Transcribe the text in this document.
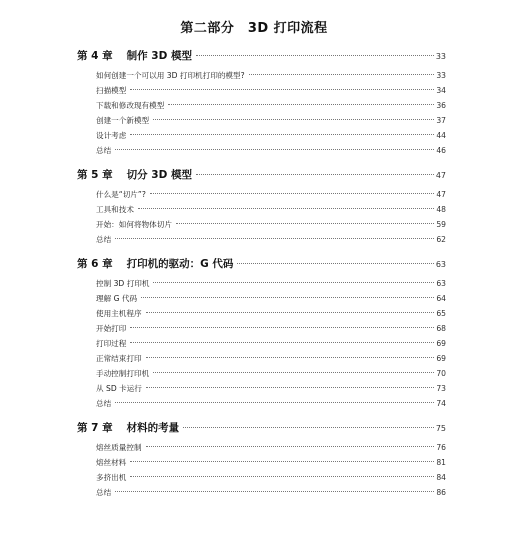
第二部分　3D 打印流程
第 4 章 制作 3D 模型	33
如何创建一个可以用 3D 打印机打印的模型?	33
扫描模型	34
下载和修改现有模型	36
创建一个新模型	37
设计考虑	44
总结	46
第 5 章 切分 3D 模型	47
什么是“切片”?	47
工具和技术	48
开始：如何将物体切片	59
总结	62
第 6 章 打印机的驱动：G 代码	63
控制 3D 打印机	63
理解 G 代码	64
使用主机程序	65
开始打印	68
打印过程	69
正常结束打印	69
手动控制打印机	70
从 SD 卡运行	73
总结	74
第 7 章 材料的考量	75
熔丝质量控制	76
熔丝材料	81
多挤出机	84
总结	86
